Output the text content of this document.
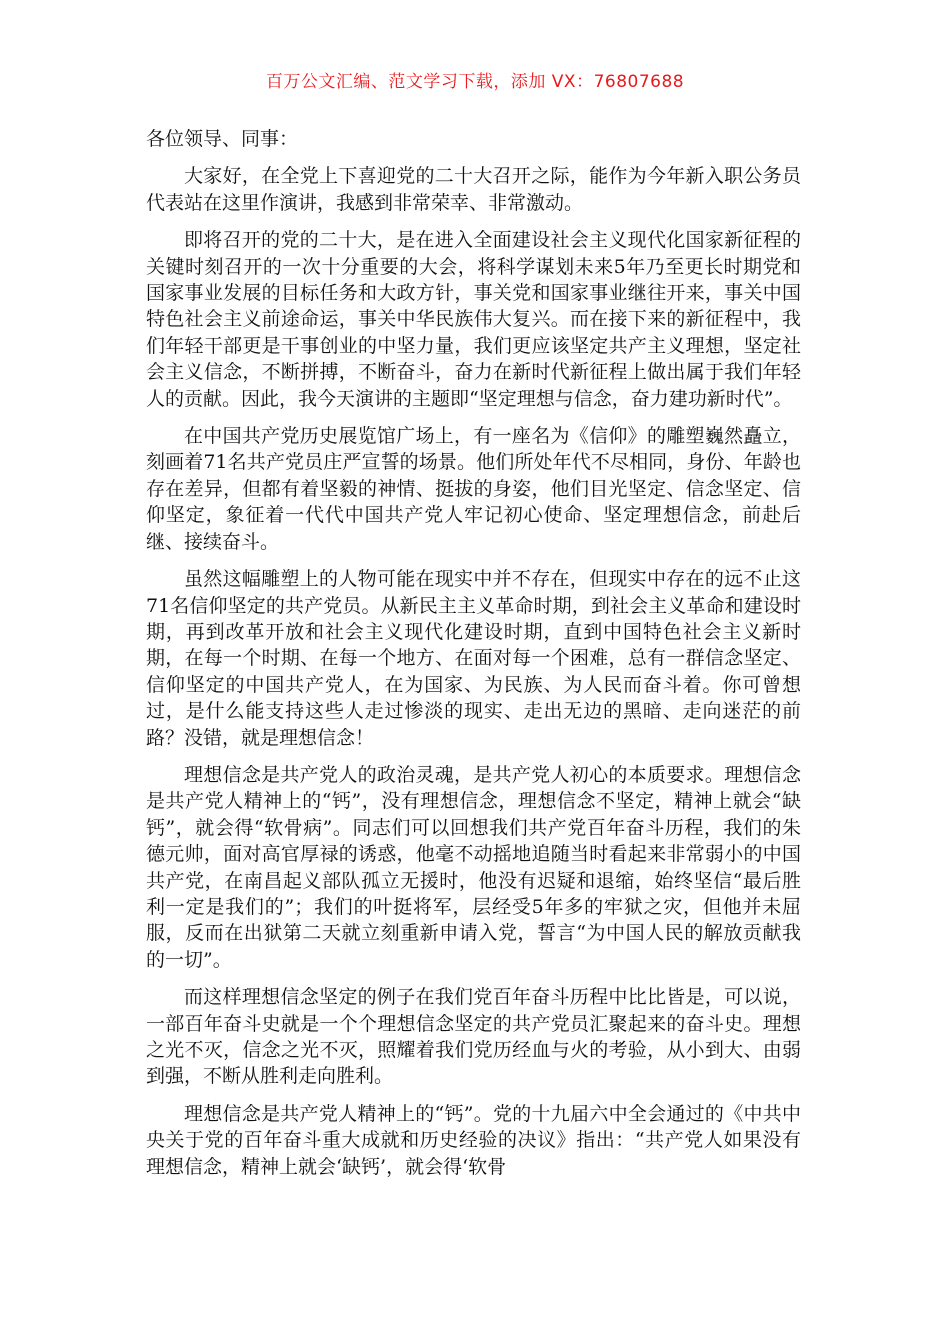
百万公文汇编、范文学习下载，添加 VX：76807688

各位领导、同事：

大家好，在全党上下喜迎党的二十大召开之际，能作为今年新入职公务员代表站在这里作演讲，我感到非常荣幸、非常激动。

即将召开的党的二十大，是在进入全面建设社会主义现代化国家新征程的关键时刻召开的一次十分重要的大会，将科学谋划未来5年乃至更长时期党和国家事业发展的目标任务和大政方针，事关党和国家事业继往开来，事关中国特色社会主义前途命运，事关中华民族伟大复兴。而在接下来的新征程中，我们年轻干部更是干事创业的中坚力量，我们更应该坚定共产主义理想，坚定社会主义信念，不断拼搏，不断奋斗，奋力在新时代新征程上做出属于我们年轻人的贡献。因此，我今天演讲的主题即“坚定理想与信念，奋力建功新时代”。

在中国共产党历史展览馆广场上，有一座名为《信仰》的雕塑巍然矗立，刻画着71名共产党员庄严宣誓的场景。他们所处年代不尽相同，身份、年龄也存在差异，但都有着坚毅的神情、挺拔的身姿，他们目光坚定、信念坚定、信仰坚定，象征着一代代中国共产党人牢记初心使命、坚定理想信念，前赴后继、接续奋斗。

虽然这幅雕塑上的人物可能在现实中并不存在，但现实中存在的远不止这71名信仰坚定的共产党员。从新民主主义革命时期，到社会主义革命和建设时期，再到改革开放和社会主义现代化建设时期，直到中国特色社会主义新时期，在每一个时期、在每一个地方、在面对每一个困难，总有一群信念坚定、信仰坚定的中国共产党人，在为国家、为民族、为人民而奋斗着。你可曾想过，是什么能支持这些人走过惨淡的现实、走出无边的黑暗、走向迷茫的前路？没错，就是理想信念！

理想信念是共产党人的政治灵魂，是共产党人初心的本质要求。理想信念是共产党人精神上的“钙”，没有理想信念，理想信念不坚定，精神上就会“缺钙”，就会得“软骨病”。同志们可以回想我们共产党百年奋斗历程，我们的朱德元帅，面对高官厚禄的诱惑，他毫不动摇地追随当时看起来非常弱小的中国共产党，在南昌起义部队孤立无援时，他没有迟疑和退缩，始终坚信“最后胜利一定是我们的”；我们的叶挺将军，层经受5年多的牢狱之灾，但他并未屈服，反而在出狱第二天就立刻重新申请入党，誓言“为中国人民的解放贡献我的一切”。

而这样理想信念坚定的例子在我们党百年奋斗历程中比比皆是，可以说，一部百年奋斗史就是一个个理想信念坚定的共产党员汇聚起来的奋斗史。理想之光不灭，信念之光不灭，照耀着我们党历经血与火的考验，从小到大、由弱到强，不断从胜利走向胜利。

理想信念是共产党人精神上的“钙”。党的十九届六中全会通过的《中共中央关于党的百年奋斗重大成就和历史经验的决议》指出：“共产党人如果没有理想信念，精神上就会‘缺钙’，就会得‘软骨
